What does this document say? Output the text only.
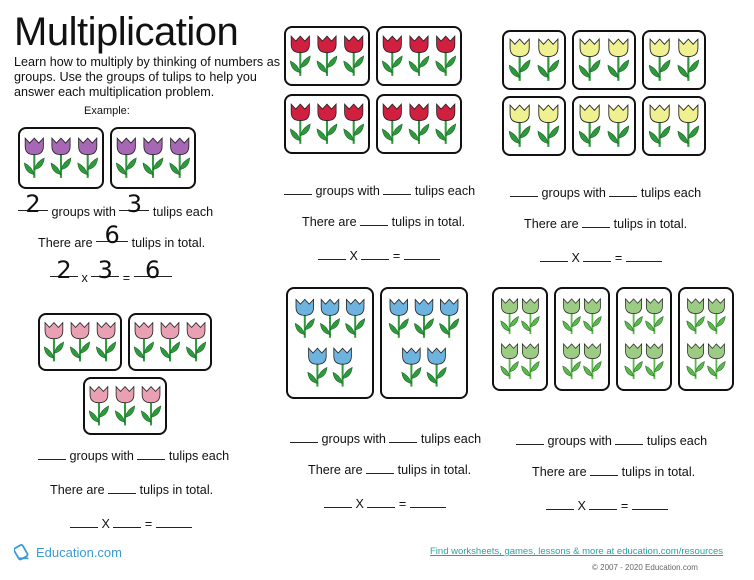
Multiplication
Learn how to multiply by thinking of numbers as groups. Use the groups of tulips to help you answer each multiplication problem.
Example:
2 groups with 3 tulips each
There are 6 tulips in total.
2 x 3 = 6
groups with	tulips each
There are	tulips in total.
X	=
groups with	tulips each
There are	tulips in total.
X	=
groups with	tulips each
There are	tulips in total.
X	=
groups with	tulips each
There are	tulips in total.
X	=
groups with	tulips each
There are	tulips in total.
X	=
Education.com	Find worksheets, games, lessons & more at education.com/resources
© 2007 - 2020 Education.com
